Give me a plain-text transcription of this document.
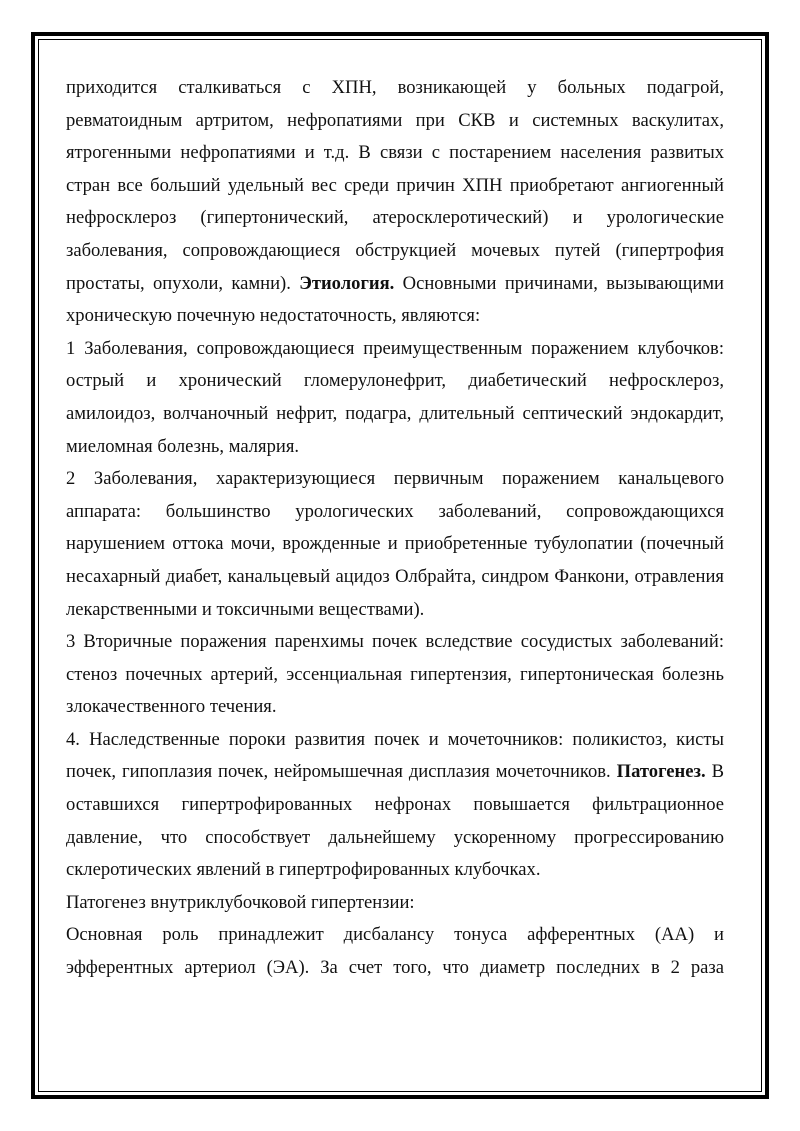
приходится сталкиваться с ХПН, возникающей у больных подагрой, ревматоидным артритом, нефропатиями при СКВ и системных васкулитах, ятрогенными нефропатиями и т.д. В связи с постарением населения развитых стран все больший удельный вес среди причин ХПН приобретают ангиогенный нефросклероз (гипертонический, атеросклеротический) и урологические заболевания, сопровождающиеся обструкцией мочевых путей (гипертрофия простаты, опухоли, камни). Этиология. Основными причинами, вызывающими хроническую почечную недостаточность, являются:

1 Заболевания, сопровождающиеся преимущественным поражением клубочков: острый и хронический гломерулонефрит, диабетический нефросклероз, амилоидоз, волчаночный нефрит, подагра, длительный септический эндокардит, миеломная болезнь, малярия.

2 Заболевания, характеризующиеся первичным поражением канальцевого аппарата: большинство урологических заболеваний, сопровождающихся нарушением оттока мочи, врожденные и приобретенные тубулопатии (почечный несахарный диабет, канальцевый ацидоз Олбрайта, синдром Фанкони, отравления лекарственными и токсичными веществами).

3 Вторичные поражения паренхимы почек вследствие сосудистых заболеваний: стеноз почечных артерий, эссенциальная гипертензия, гипертоническая болезнь злокачественного течения.

4. Наследственные пороки развития почек и мочеточников: поликистоз, кисты почек, гипоплазия почек, нейромышечная дисплазия мочеточников. Патогенез. В оставшихся гипертрофированных нефронах повышается фильтрационное давление, что способствует дальнейшему ускоренному прогрессированию склеротических явлений в гипертрофированных клубочках.

Патогенез внутриклубочковой гипертензии:

Основная роль принадлежит дисбалансу тонуса афферентных (АА) и эфферентных артериол (ЭА). За счет того, что диаметр последних в 2 раза
